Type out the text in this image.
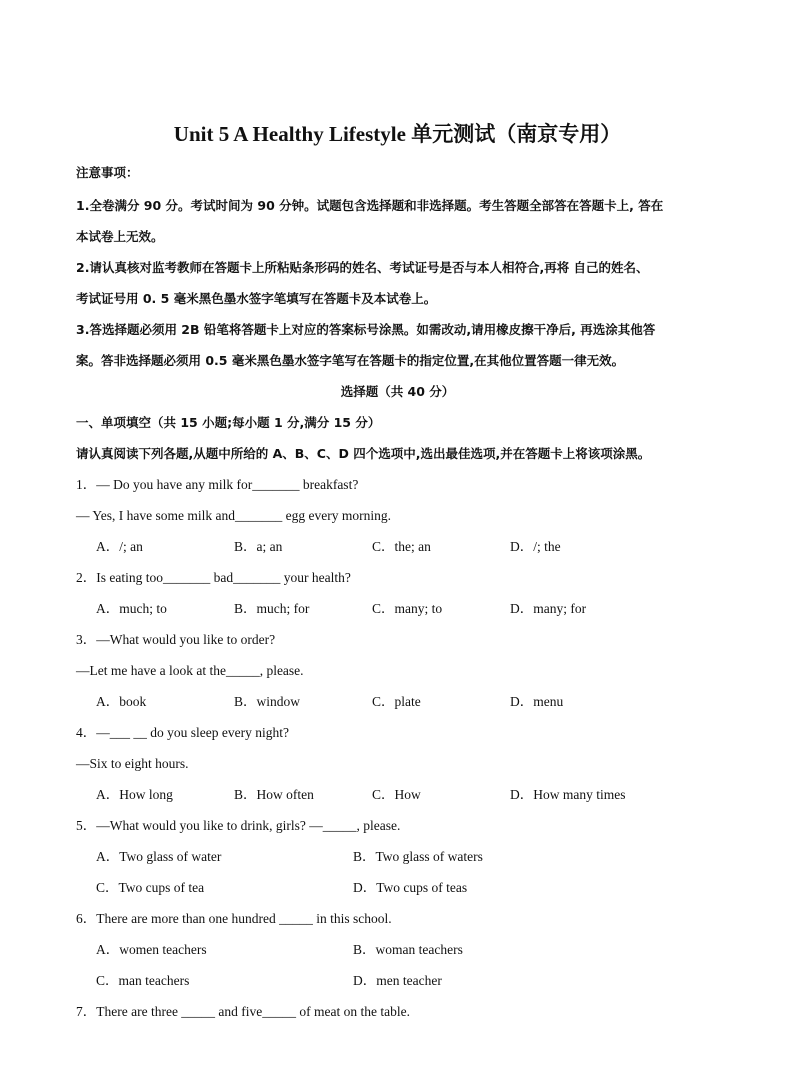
Unit 5 A Healthy Lifestyle 单元测试（南京专用）

注意事项：

1.全卷满分 90 分。考试时间为 90 分钟。试题包含选择题和非选择题。考生答题全部答在答题卡上, 答在

本试卷上无效。

2.请认真核对监考教师在答题卡上所粘贴条形码的姓名、考试证号是否与本人相符合,再将 自己的姓名、

考试证号用 0. 5 毫米黑色墨水签字笔填写在答题卡及本试卷上。

3.答选择题必须用 2B 铅笔将答题卡上对应的答案标号涂黑。如需改动,请用橡皮擦干净后, 再选涂其他答

案。答非选择题必须用 0.5 毫米黑色墨水签字笔写在答题卡的指定位置,在其他位置答题一律无效。

选择题（共 40 分）

一、单项填空（共 15 小题;每小题 1 分,满分 15 分）

请认真阅读下列各题,从题中所给的 A、B、C、D 四个选项中,选出最佳选项,并在答题卡上将该项涂黑。

1．— Do you have any milk for_______ breakfast?

— Yes, I have some milk and_______ egg every morning.

A．/; an	B．a; an	C．the; an	D．/; the

2．Is eating too_______ bad_______ your health?

A．much; to	B．much; for	C．many; to	D．many; for

3．—What would you like to order?

—Let me have a look at the_____, please.

A．book	B．window	C．plate	D．menu

4．—___ __ do you sleep every night?

—Six to eight hours.

A．How long	B．How often	C．How	D．How many times

5．—What would you like to drink, girls? —_____, please.

A．Two glass of water	B．Two glass of waters
C．Two cups of tea	D．Two cups of teas

6．There are more than one hundred _____ in this school.

A．women teachers	B．woman teachers
C．man teachers	D．men teacher

7．There are three _____ and five_____ of meat on the table.
